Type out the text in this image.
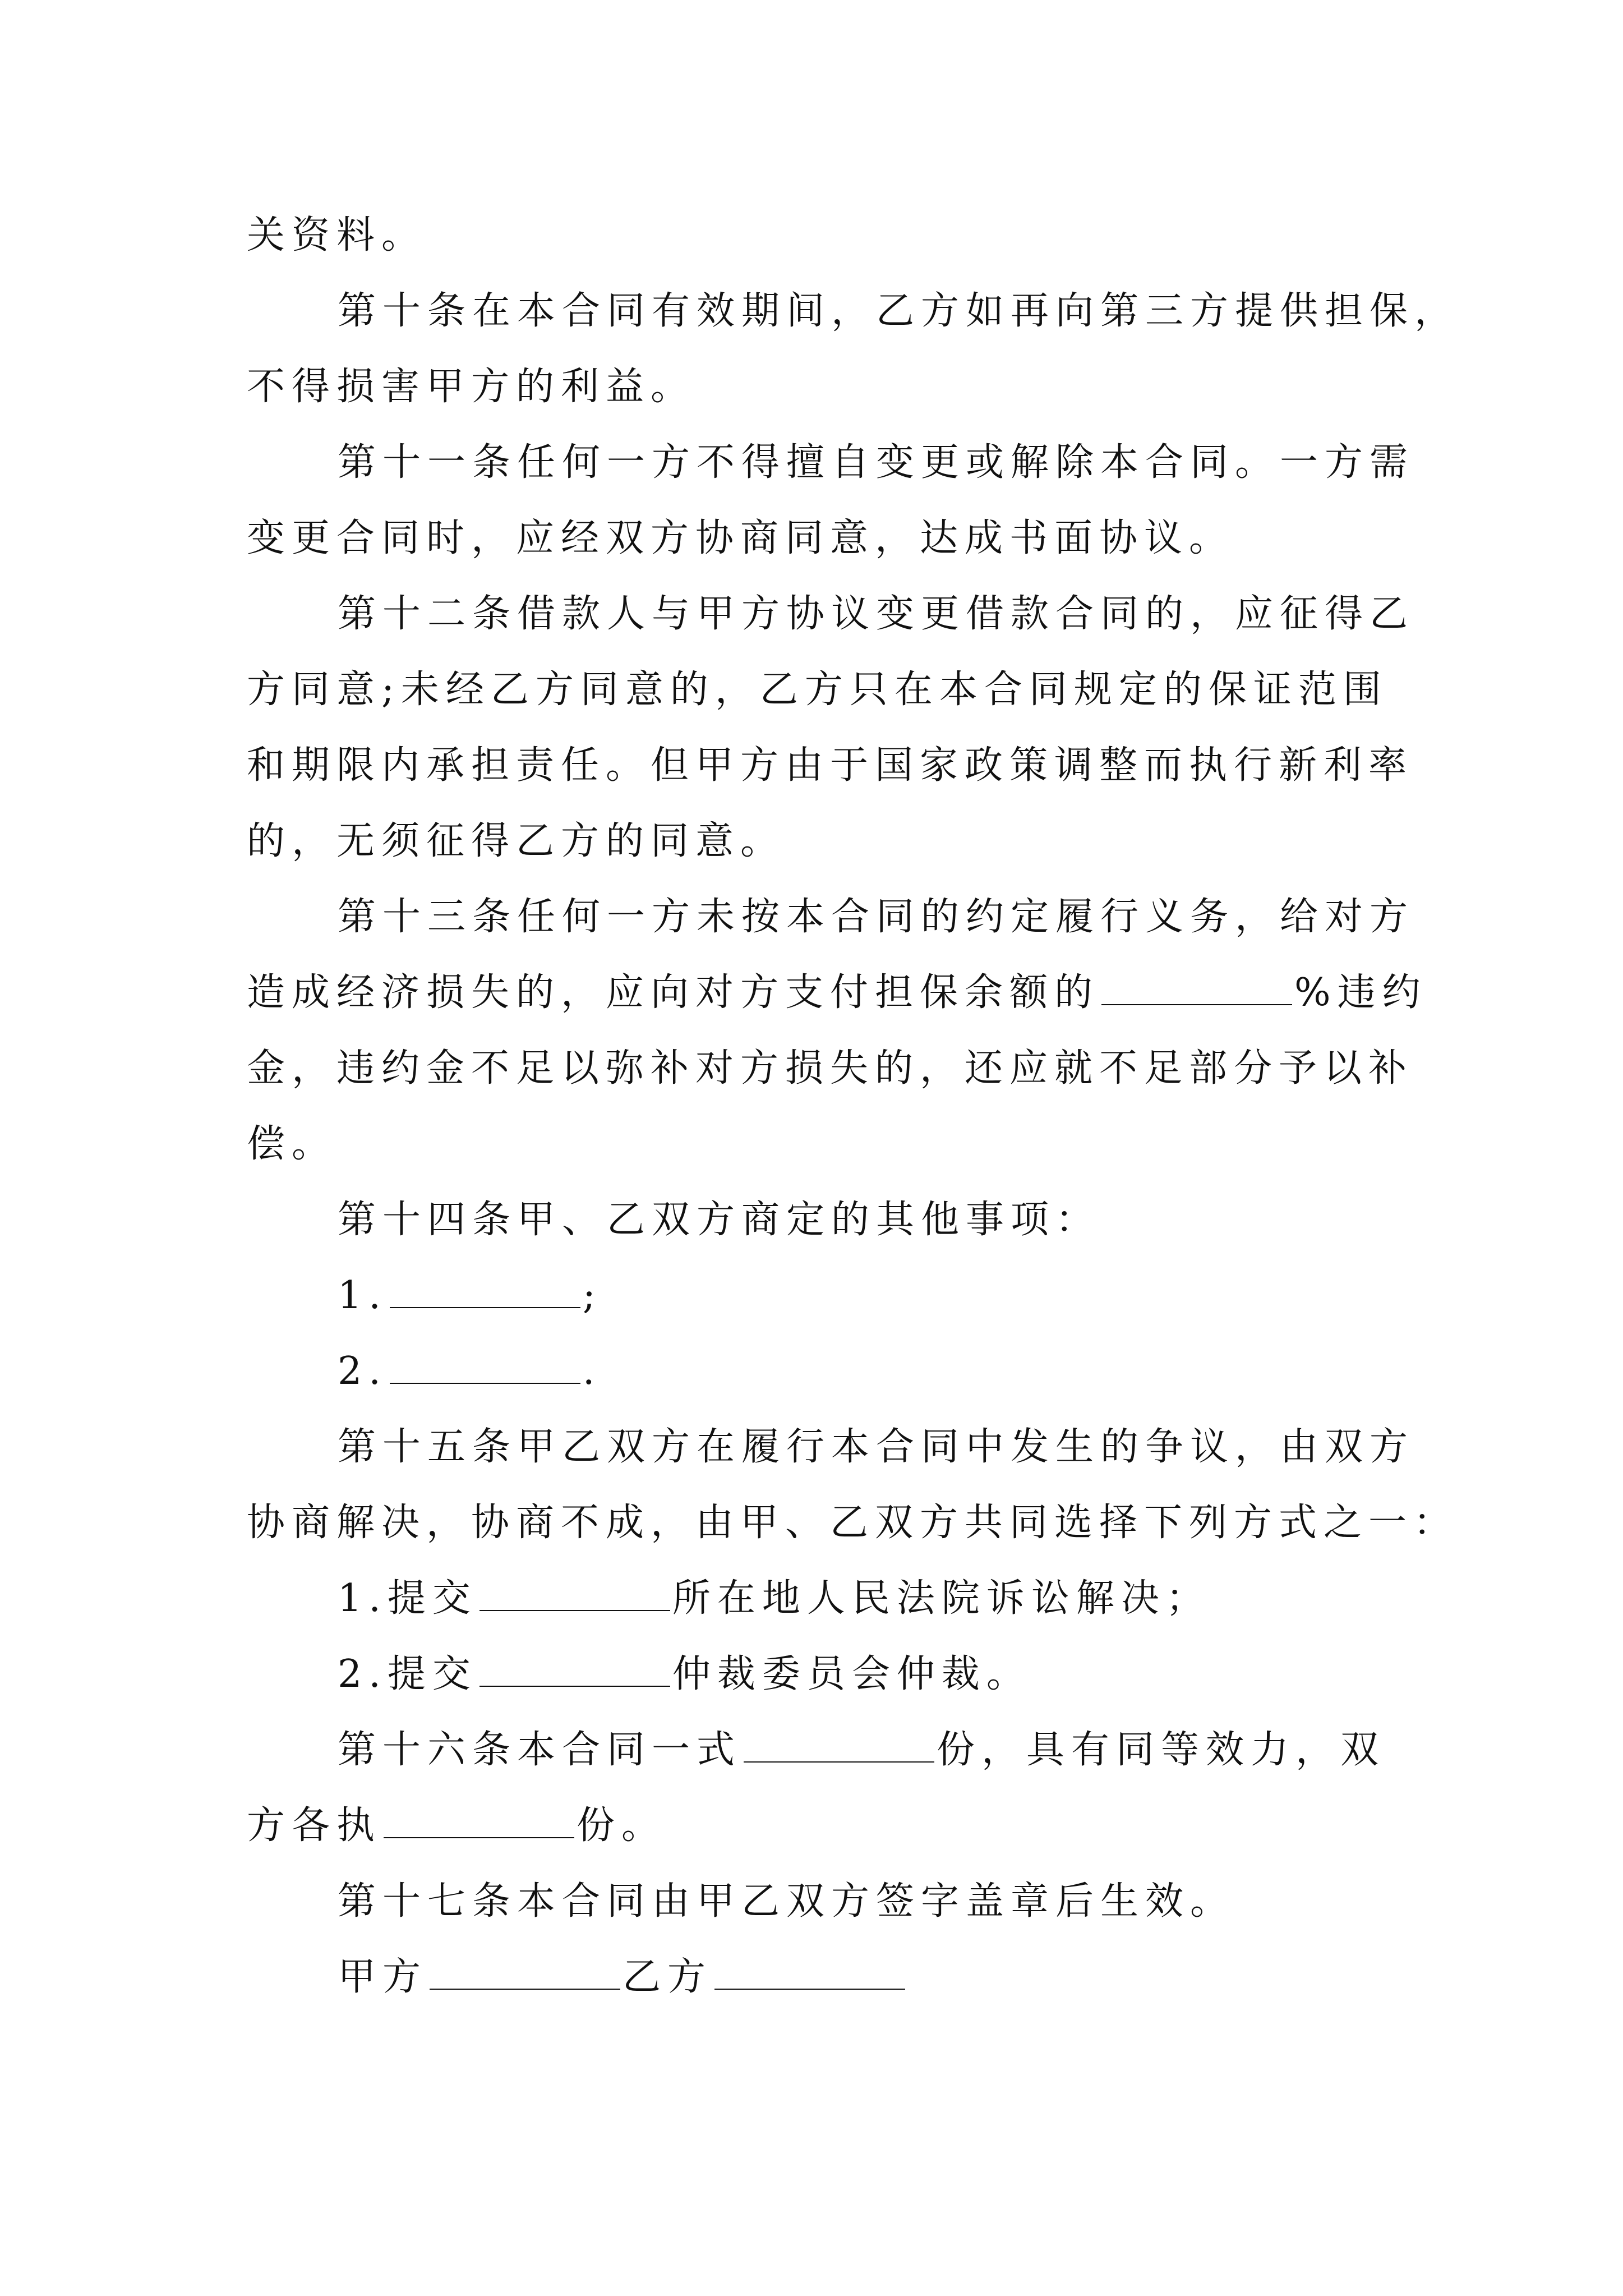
关资料。
第十条在本合同有效期间，乙方如再向第三方提供担保，
不得损害甲方的利益。
第十一条任何一方不得擅自变更或解除本合同。一方需
变更合同时，应经双方协商同意，达成书面协议。
第十二条借款人与甲方协议变更借款合同的，应征得乙
方同意;未经乙方同意的，乙方只在本合同规定的保证范围
和期限内承担责任。但甲方由于国家政策调整而执行新利率
的，无须征得乙方的同意。
第十三条任何一方未按本合同的约定履行义务，给对方
造成经济损失的，应向对方支付担保余额的	%违约
金，违约金不足以弥补对方损失的，还应就不足部分予以补
偿。
第十四条甲、乙双方商定的其他事项：
1.	;
2.	.
第十五条甲乙双方在履行本合同中发生的争议，由双方
协商解决，协商不成，由甲、乙双方共同选择下列方式之一：
1.提交	所在地人民法院诉讼解决；
2.提交	仲裁委员会仲裁。
第十六条本合同一式	份，具有同等效力，双
方各执	份。
第十七条本合同由甲乙双方签字盖章后生效。
甲方	乙方
